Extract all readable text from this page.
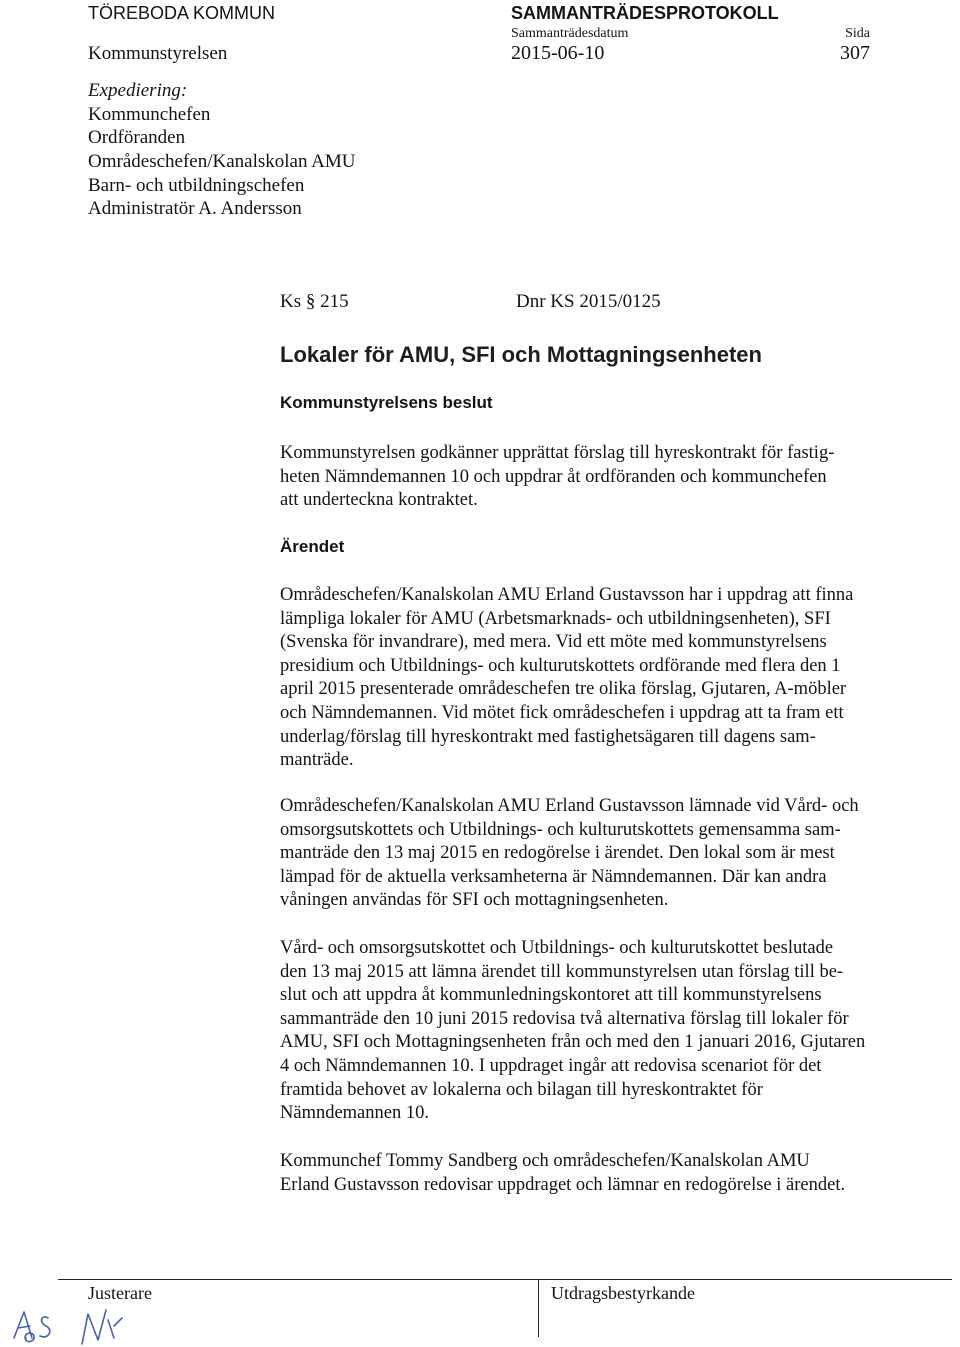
TÖREBODA KOMMUN	SAMMANTRÄDESPROTOKOLL
Kommunstyrelsen
Sammanträdesdatum
2015-06-10
Sida
307
Expediering:
Kommunchefen
Ordföranden
Områdeschefen/Kanalskolan AMU
Barn- och utbildningschefen
Administratör A. Andersson
Ks § 215	Dnr KS 2015/0125
Lokaler för AMU, SFI och Mottagningsenheten
Kommunstyrelsens beslut
Kommunstyrelsen godkänner upprättat förslag till hyreskontrakt för fastig-
heten Nämndemannen 10 och uppdrar åt ordföranden och kommunchefen
att underteckna kontraktet.
Ärendet
Områdeschefen/Kanalskolan AMU Erland Gustavsson har i uppdrag att finna
lämpliga lokaler för AMU (Arbetsmarknads- och utbildningsenheten), SFI
(Svenska för invandrare), med mera. Vid ett möte med kommunstyrelsens
presidium och Utbildnings- och kulturutskottets ordförande med flera den 1
april 2015 presenterade områdeschefen tre olika förslag, Gjutaren, A-möbler
och Nämndemannen. Vid mötet fick områdeschefen i uppdrag att ta fram ett
underlag/förslag till hyreskontrakt med fastighetsägaren till dagens sam-
manträde.
Områdeschefen/Kanalskolan AMU Erland Gustavsson lämnade vid Vård- och
omsorgsutskottets och Utbildnings- och kulturutskottets gemensamma sam-
manträde den 13 maj 2015 en redogörelse i ärendet. Den lokal som är mest
lämpad för de aktuella verksamheterna är Nämndemannen. Där kan andra
våningen användas för SFI och mottagningsenheten.
Vård- och omsorgsutskottet och Utbildnings- och kulturutskottet beslutade
den 13 maj 2015 att lämna ärendet till kommunstyrelsen utan förslag till be-
slut och att uppdra åt kommunledningskontoret att till kommunstyrelsens
sammanträde den 10 juni 2015 redovisa två alternativa förslag till lokaler för
AMU, SFI och Mottagningsenheten från och med den 1 januari 2016, Gjutaren
4 och Nämndemannen 10. I uppdraget ingår att redovisa scenariot för det
framtida behovet av lokalerna och bilagan till hyreskontraktet för
Nämndemannen 10.
Kommunchef Tommy Sandberg och områdeschefen/Kanalskolan AMU
Erland Gustavsson redovisar uppdraget och lämnar en redogörelse i ärendet.
Justerare	Utdragsbestyrkande
